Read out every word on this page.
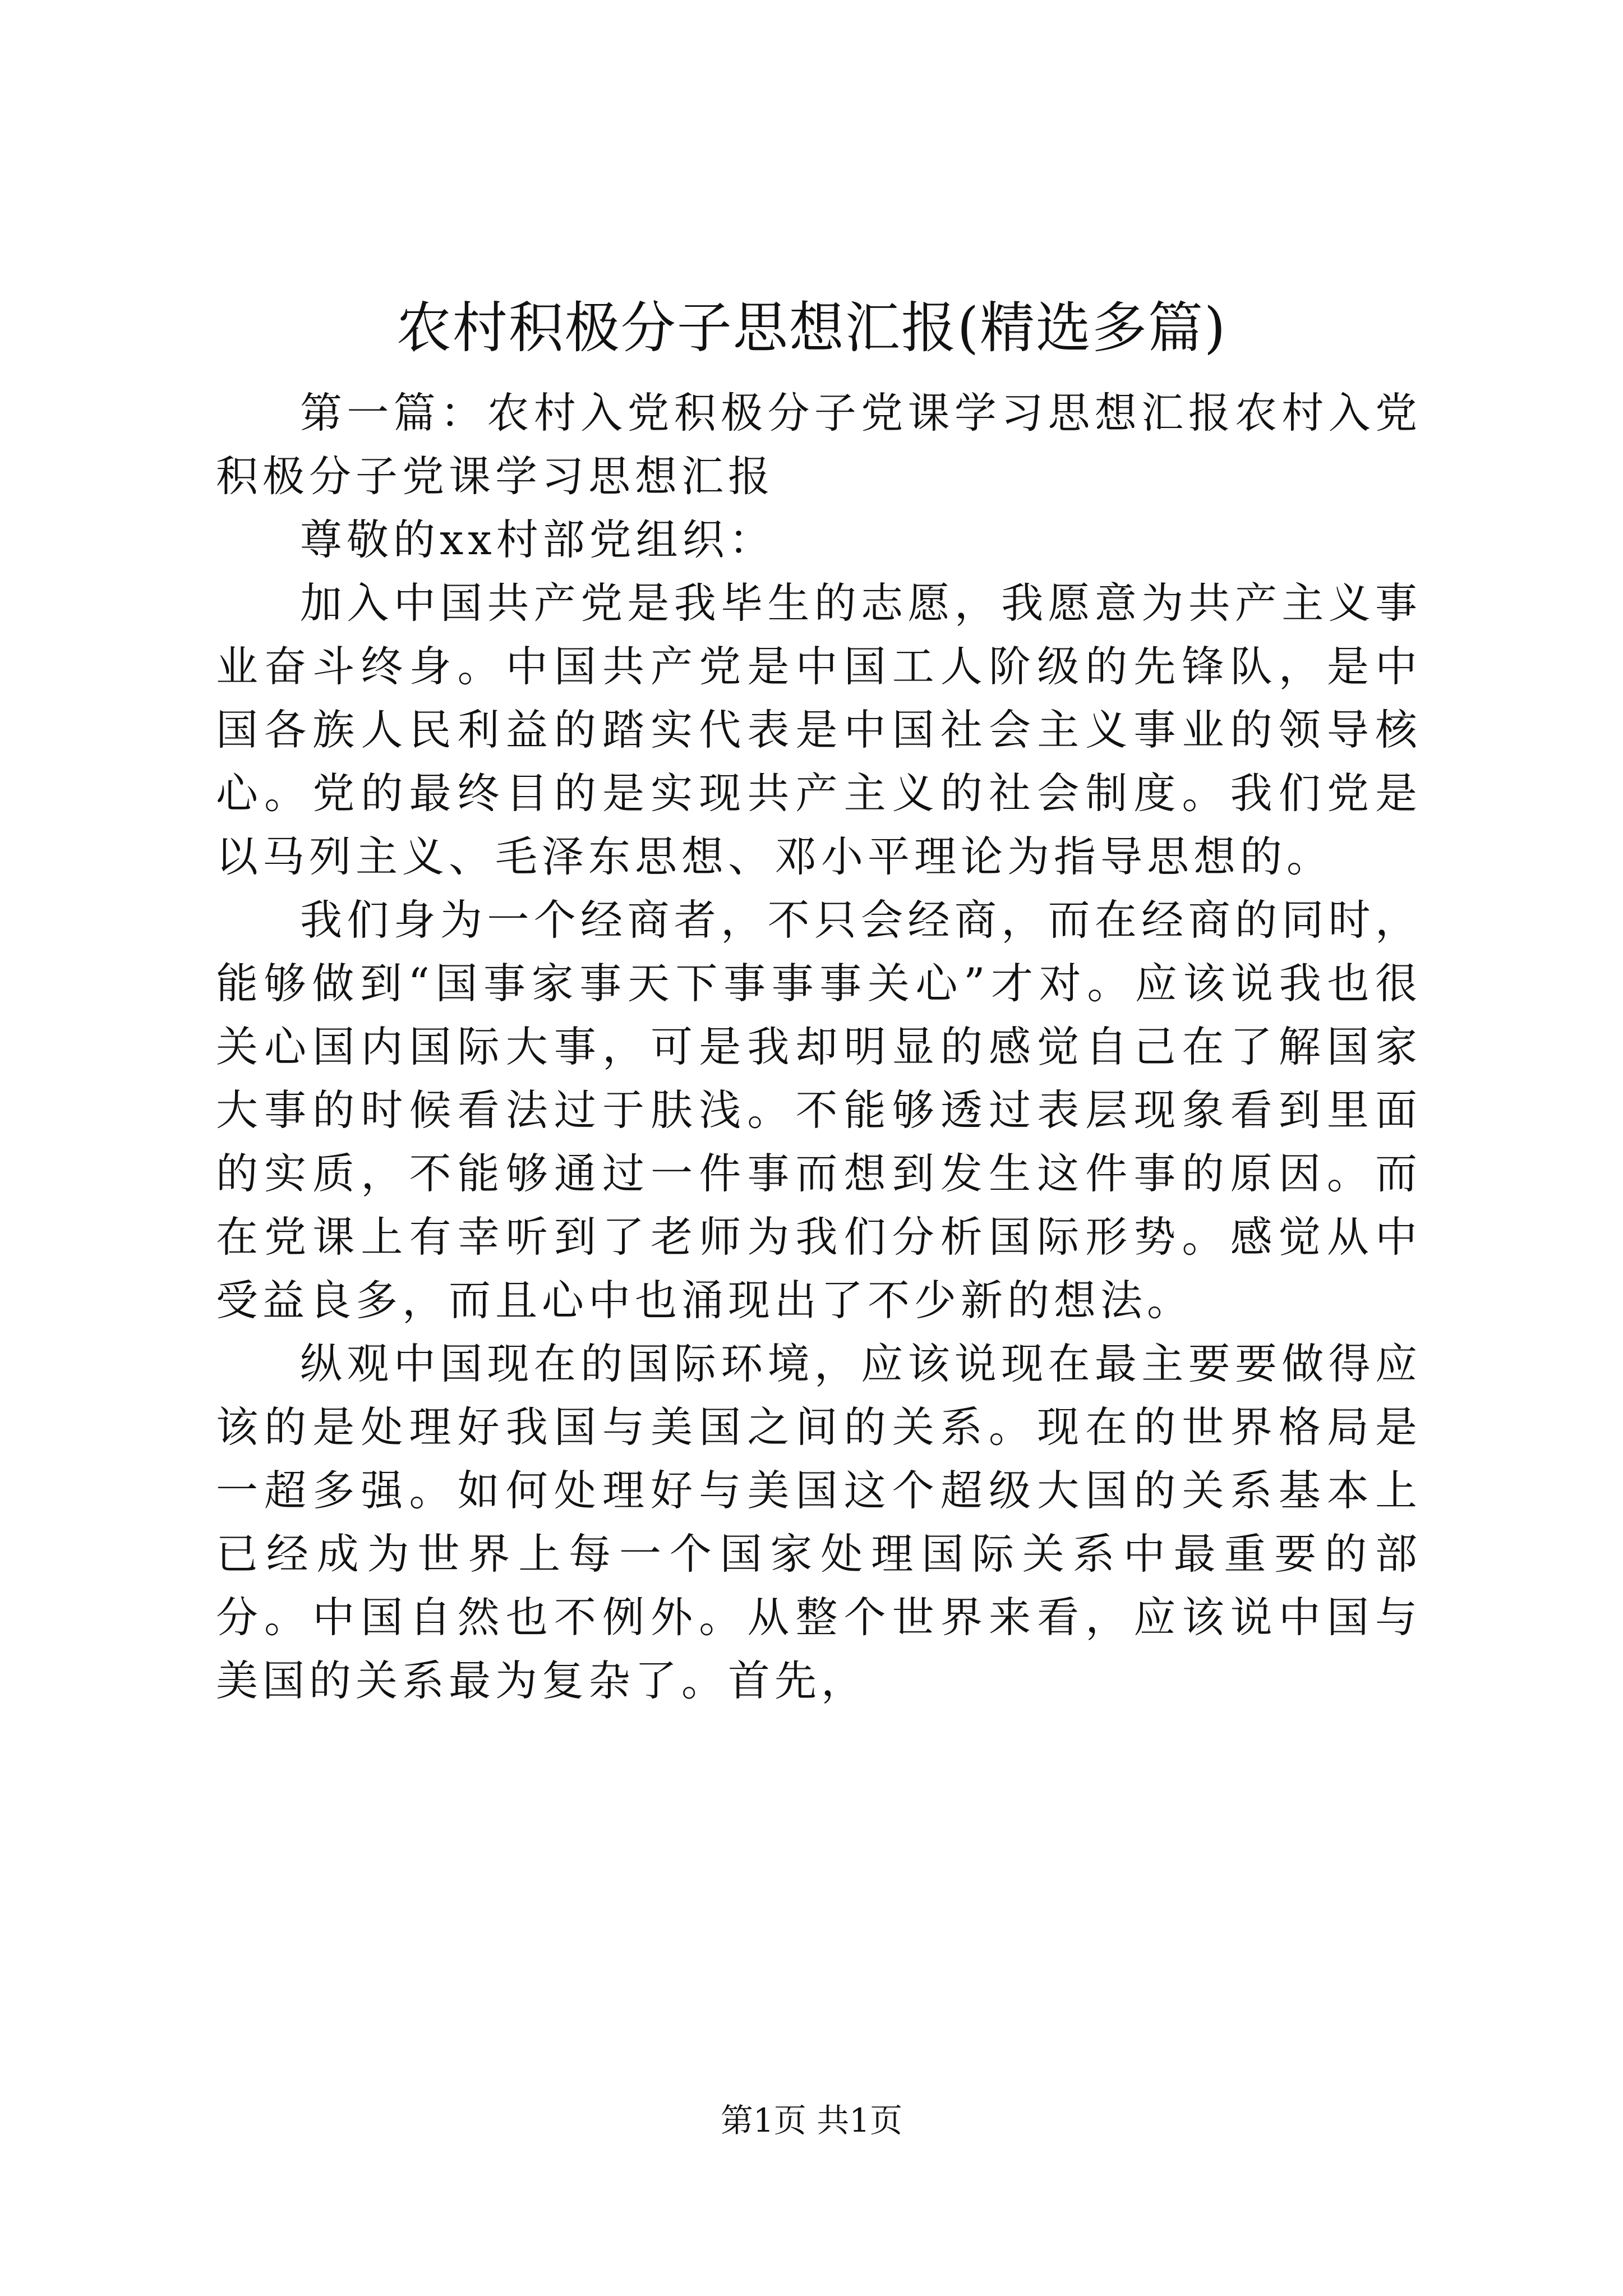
农村积极分子思想汇报(精选多篇)

第一篇：农村入党积极分子党课学习思想汇报农村入党积极分子党课学习思想汇报

尊敬的xx村部党组织：

加入中国共产党是我毕生的志愿，我愿意为共产主义事业奋斗终身。中国共产党是中国工人阶级的先锋队，是中国各族人民利益的踏实代表是中国社会主义事业的领导核心。党的最终目的是实现共产主义的社会制度。我们党是以马列主义、毛泽东思想、邓小平理论为指导思想的。

我们身为一个经商者，不只会经商，而在经商的同时，能够做到“国事家事天下事事事关心”才对。应该说我也很关心国内国际大事，可是我却明显的感觉自己在了解国家大事的时候看法过于肤浅。不能够透过表层现象看到里面的实质，不能够通过一件事而想到发生这件事的原因。而在党课上有幸听到了老师为我们分析国际形势。感觉从中受益良多，而且心中也涌现出了不少新的想法。

纵观中国现在的国际环境，应该说现在最主要要做得应该的是处理好我国与美国之间的关系。现在的世界格局是一超多强。如何处理好与美国这个超级大国的关系基本上已经成为世界上每一个国家处理国际关系中最重要的部分。中国自然也不例外。从整个世界来看，应该说中国与美国的关系最为复杂了。首先，

第1页 共1页
